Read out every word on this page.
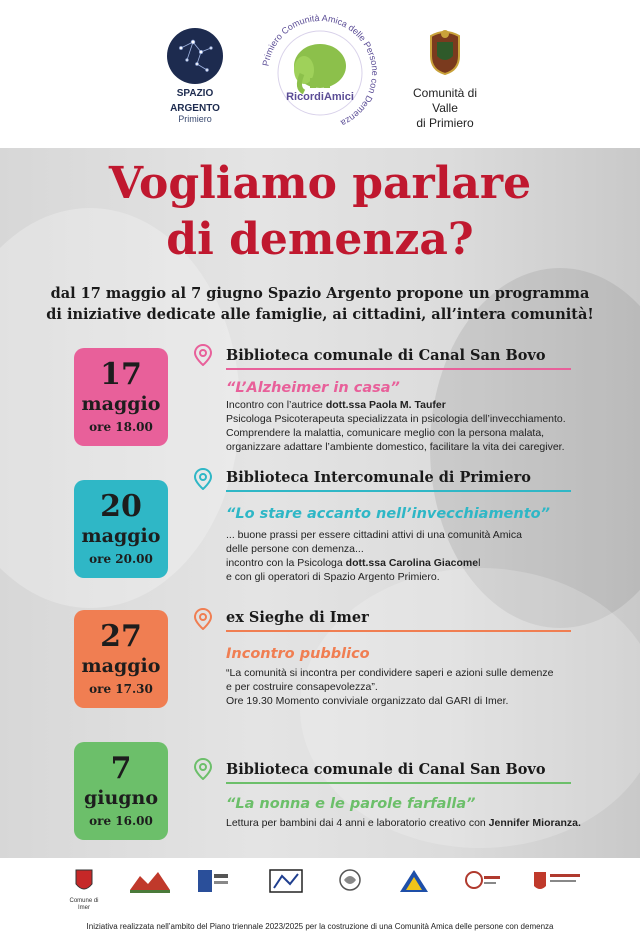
SPAZIO
ARGENTO
Primiero
RicordiAmici
Primiero Comunità Amica delle Persone con Demenza
Comunità di Valle
di Primiero
Vogliamo parlare
di demenza?
dal 17 maggio al 7 giugno Spazio Argento propone un programma
di iniziative dedicate alle famiglie, ai cittadini, all’intera comunità!
17
maggio
ore 18.00
Biblioteca comunale di Canal San Bovo
“L’Alzheimer in casa”
Incontro con l’autrice dott.ssa Paola M. Taufer
Psicologa Psicoterapeuta specializzata in psicologia dell’invecchiamento.
Comprendere la malattia, comunicare meglio con la persona malata,
organizzare adattare l’ambiente domestico, facilitare la vita dei caregiver.
20
maggio
ore 20.00
Biblioteca Intercomunale di Primiero
“Lo stare accanto nell’invecchiamento”
... buone prassi per essere cittadini attivi di una comunità Amica
delle persone con demenza...
incontro con la Psicologa dott.ssa Carolina Giacomel
e con gli operatori di Spazio Argento Primiero.
27
maggio
ore 17.30
ex Sieghe di Imer
Incontro pubblico
“La comunità si incontra per condividere saperi e azioni sulle demenze
e per costruire consapevolezza”.
Ore 19.30 Momento conviviale organizzato dal GARI di Imer.
7
giugno
ore 16.00
Biblioteca comunale di Canal San Bovo
“La nonna e le parole farfalla”
Lettura per bambini dai 4 anni e laboratorio creativo con Jennifer Mioranza.
Comune di Imer
Iniziativa realizzata nell’ambito del Piano triennale 2023/2025 per la costruzione di una Comunità Amica delle persone con demenza
